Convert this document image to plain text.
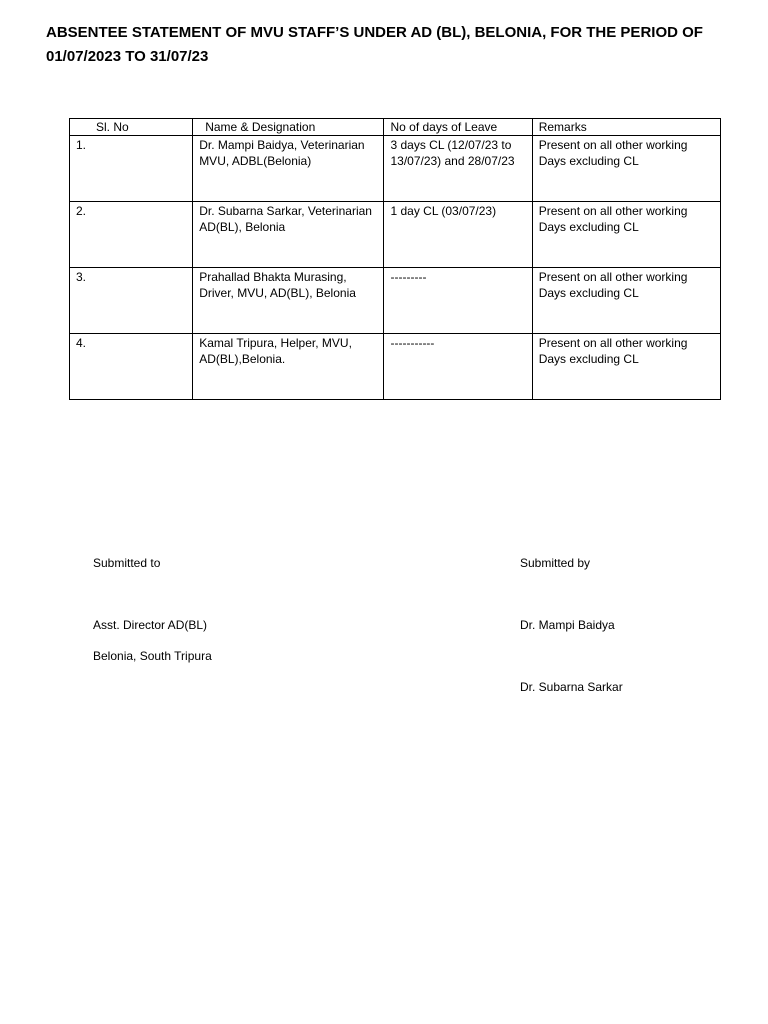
ABSENTEE STATEMENT OF MVU STAFF’S UNDER AD (BL), BELONIA, FOR THE PERIOD OF 01/07/2023 TO 31/07/23
Sl. No	Name & Designation	No of days of Leave	Remarks
1.	Dr. Mampi Baidya, Veterinarian MVU, ADBL(Belonia)	3 days CL (12/07/23 to 13/07/23) and 28/07/23	Present on all other working Days excluding CL
2.	Dr. Subarna Sarkar, Veterinarian AD(BL), Belonia	1 day CL (03/07/23)	Present on all other working Days excluding CL
3.	Prahallad Bhakta Murasing, Driver, MVU, AD(BL), Belonia	---------	Present on all other working Days excluding CL
4.	Kamal Tripura, Helper, MVU, AD(BL),Belonia.	-----------	Present on all other working Days excluding CL
Submitted to
Asst. Director AD(BL)
Belonia, South Tripura
Submitted by
Dr. Mampi Baidya
Dr. Subarna Sarkar
